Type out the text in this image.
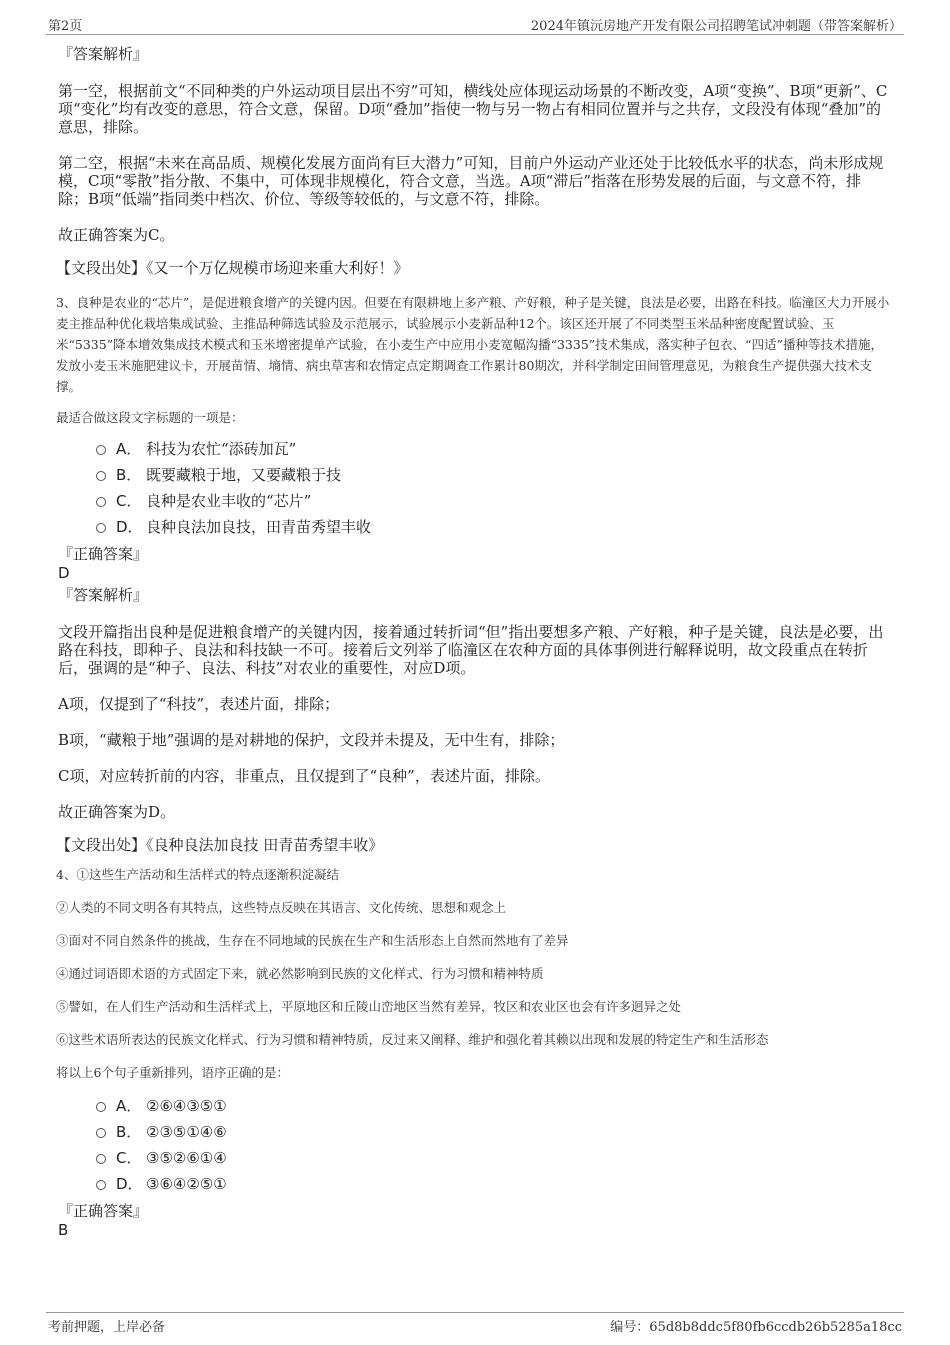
第2页	2024年镇沅房地产开发有限公司招聘笔试冲刺题（带答案解析）
『答案解析』

第一空，根据前文“不同种类的户外运动项目层出不穷”可知，横线处应体现运动场景的不断改变，A项“变换”、B项“更新”、C项“变化”均有改变的意思，符合文意，保留。D项“叠加”指使一物与另一物占有相同位置并与之共存，文段没有体现“叠加”的意思，排除。

第二空，根据“未来在高品质、规模化发展方面尚有巨大潜力”可知，目前户外运动产业还处于比较低水平的状态，尚未形成规模，C项“零散”指分散、不集中，可体现非规模化，符合文意，当选。A项“滞后”指落在形势发展的后面，与文意不符，排除；B项“低端”指同类中档次、价位、等级等较低的，与文意不符，排除。

故正确答案为C。

【文段出处】《又一个万亿规模市场迎来重大利好！》

3、良种是农业的“芯片”，是促进粮食增产的关键内因。但要在有限耕地上多产粮、产好粮，种子是关键，良法是必要，出路在科技。临潼区大力开展小麦主推品种优化栽培集成试验、主推品种筛选试验及示范展示，试验展示小麦新品种12个。该区还开展了不同类型玉米品种密度配置试验、玉米“5335”降本增效集成技术模式和玉米增密提单产试验，在小麦生产中应用小麦宽幅沟播“3335”技术集成，落实种子包衣、“四适”播种等技术措施，发放小麦玉米施肥建议卡，开展苗情、墒情、病虫草害和农情定点定期调查工作累计80期次，并科学制定田间管理意见，为粮食生产提供强大技术支撑。

最适合做这段文字标题的一项是：

A． 科技为农忙“添砖加瓦”
B． 既要藏粮于地，又要藏粮于技
C． 良种是农业丰收的“芯片”
D． 良种良法加良技，田青苗秀望丰收
『正确答案』
D
『答案解析』

文段开篇指出良种是促进粮食增产的关键内因，接着通过转折词“但”指出要想多产粮、产好粮，种子是关键，良法是必要，出路在科技，即种子、良法和科技缺一不可。接着后文列举了临潼区在农种方面的具体事例进行解释说明，故文段重点在转折后，强调的是“种子、良法、科技”对农业的重要性，对应D项。

A项，仅提到了“科技”，表述片面，排除；

B项，“藏粮于地”强调的是对耕地的保护，文段并未提及，无中生有，排除；

C项，对应转折前的内容，非重点，且仅提到了“良种”，表述片面，排除。

故正确答案为D。

【文段出处】《良种良法加良技 田青苗秀望丰收》

4、①这些生产活动和生活样式的特点逐渐积淀凝结

②人类的不同文明各有其特点，这些特点反映在其语言、文化传统、思想和观念上

③面对不同自然条件的挑战，生存在不同地域的民族在生产和生活形态上自然而然地有了差异

④通过词语即术语的方式固定下来，就必然影响到民族的文化样式、行为习惯和精神特质

⑤譬如，在人们生产活动和生活样式上，平原地区和丘陵山峦地区当然有差异，牧区和农业区也会有许多迥异之处

⑥这些术语所表达的民族文化样式、行为习惯和精神特质，反过来又阐释、维护和强化着其赖以出现和发展的特定生产和生活形态

将以上6个句子重新排列，语序正确的是：

A． ②⑥④③⑤①
B． ②③⑤①④⑥
C． ③⑤②⑥①④
D． ③⑥④②⑤①
『正确答案』
B
考前押题，上岸必备	编号：65d8b8ddc5f80fb6ccdb26b5285a18cc
